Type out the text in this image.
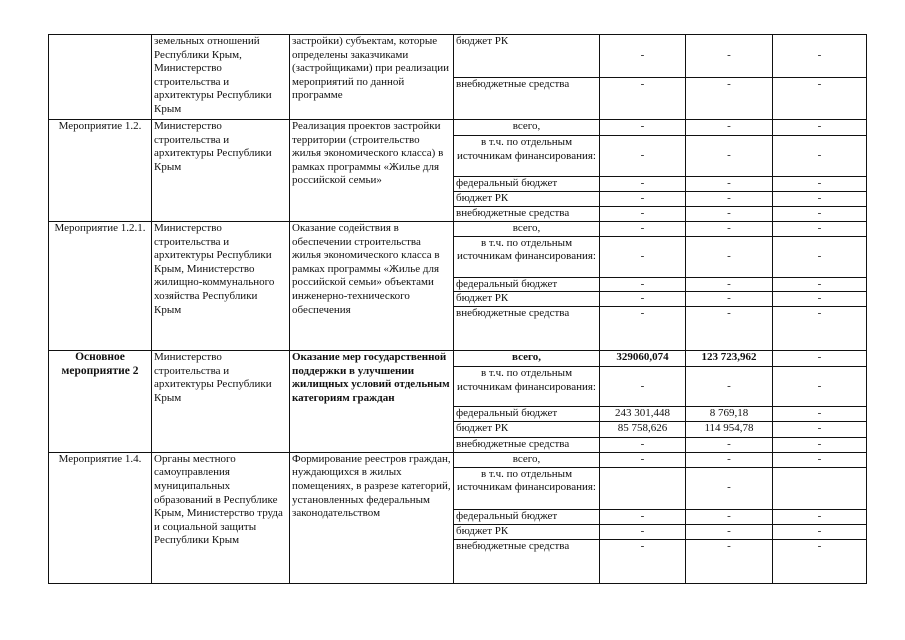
	земельных отношений Республики Крым, Министерство строительства и архитектуры Республики Крым	застройки) субъектам, которые определены заказчиками (застройщиками) при реализации мероприятий по данной программе	бюджет РК	-	-	-
			внебюджетные средства	-	-	-
Мероприятие 1.2.	Министерство строительства и архитектуры Республики Крым	Реализация проектов застройки территории (строительство жилья экономического класса) в рамках программы «Жилье для российской семьи»	всего,	-	-	-
			в т.ч. по отдельным источникам финансирования:	-	-	-
			федеральный бюджет	-	-	-
			бюджет РК	-	-	-
			внебюджетные средства	-	-	-
Мероприятие 1.2.1.	Министерство строительства и архитектуры Республики Крым, Министерство жилищно-коммунального хозяйства Республики Крым	Оказание содействия в обеспечении строительства жилья экономического класса в рамках программы «Жилье для российской семьи» объектами инженерно-технического обеспечения	всего,	-	-	-
			в т.ч. по отдельным источникам финансирования:	-	-	-
			федеральный бюджет	-	-	-
			бюджет РК	-	-	-
			внебюджетные средства	-	-	-
Основное мероприятие 2	Министерство строительства и архитектуры Республики Крым	Оказание мер государственной поддержки в улучшении жилищных условий отдельным категориям граждан	всего,	329060,074	123 723,962	-
			в т.ч. по отдельным источникам финансирования:	-	-	-
			федеральный бюджет	243 301,448	8 769,18	-
			бюджет РК	85 758,626	114 954,78	-
			внебюджетные средства	-	-	-
Мероприятие 1.4.	Органы местного самоуправления муниципальных образований в Республике Крым, Министерство труда и социальной защиты Республики Крым	Формирование реестров граждан, нуждающихся в жилых помещениях, в разрезе категорий, установленных федеральным законодательством	всего,	-	-	-
			в т.ч. по отдельным источникам финансирования:		-	
			федеральный бюджет	-	-	-
			бюджет РК	-	-	-
			внебюджетные средства	-	-	-
